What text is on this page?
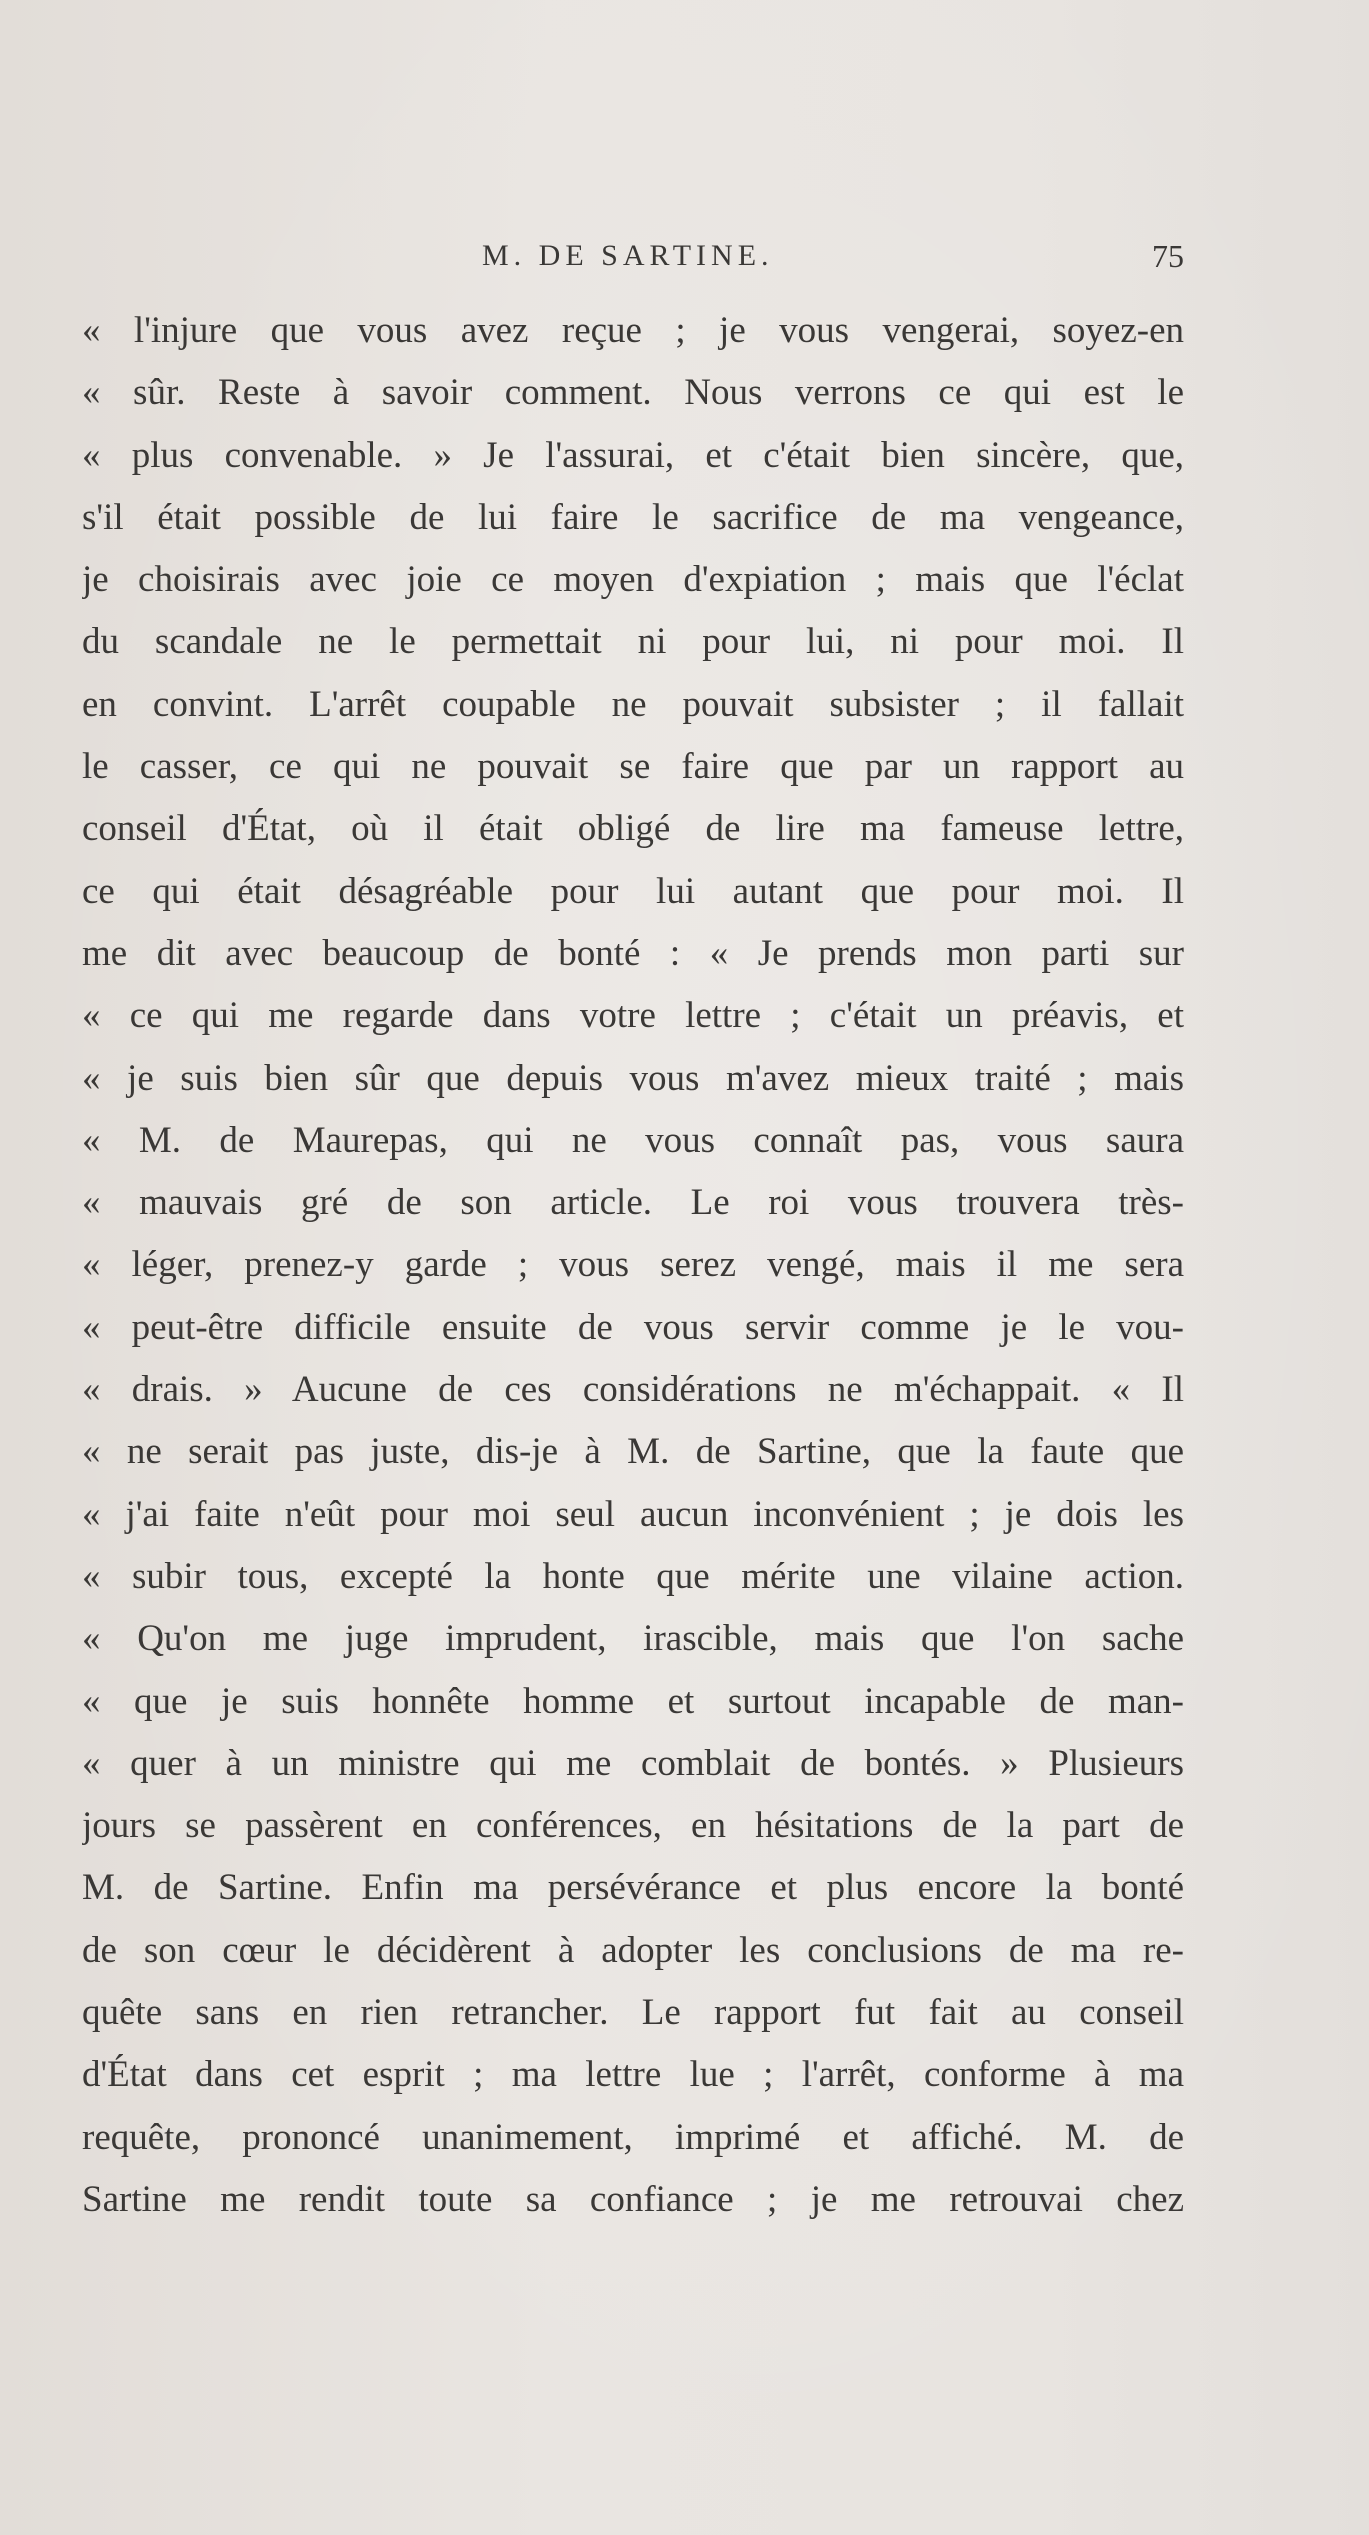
M. DE SARTINE.	75
« l'injure que vous avez reçue ; je vous vengerai, soyez-en
« sûr. Reste à savoir comment. Nous verrons ce qui est le
« plus convenable. » Je l'assurai, et c'était bien sincère, que,
s'il était possible de lui faire le sacrifice de ma vengeance,
je choisirais avec joie ce moyen d'expiation ; mais que l'éclat
du scandale ne le permettait ni pour lui, ni pour moi. Il
en convint. L'arrêt coupable ne pouvait subsister ; il fallait
le casser, ce qui ne pouvait se faire que par un rapport au
conseil d'État, où il était obligé de lire ma fameuse lettre,
ce qui était désagréable pour lui autant que pour moi. Il
me dit avec beaucoup de bonté : « Je prends mon parti sur
« ce qui me regarde dans votre lettre ; c'était un préavis, et
« je suis bien sûr que depuis vous m'avez mieux traité ; mais
« M. de Maurepas, qui ne vous connaît pas, vous saura
« mauvais gré de son article. Le roi vous trouvera très-
« léger, prenez-y garde ; vous serez vengé, mais il me sera
« peut-être difficile ensuite de vous servir comme je le vou-
« drais. » Aucune de ces considérations ne m'échappait. « Il
« ne serait pas juste, dis-je à M. de Sartine, que la faute que
« j'ai faite n'eût pour moi seul aucun inconvénient ; je dois les
« subir tous, excepté la honte que mérite une vilaine action.
« Qu'on me juge imprudent, irascible, mais que l'on sache
« que je suis honnête homme et surtout incapable de man-
« quer à un ministre qui me comblait de bontés. » Plusieurs
jours se passèrent en conférences, en hésitations de la part de
M. de Sartine. Enfin ma persévérance et plus encore la bonté
de son cœur le décidèrent à adopter les conclusions de ma re-
quête sans en rien retrancher. Le rapport fut fait au conseil
d'État dans cet esprit ; ma lettre lue ; l'arrêt, conforme à ma
requête, prononcé unanimement, imprimé et affiché. M. de
Sartine me rendit toute sa confiance ; je me retrouvai chez
